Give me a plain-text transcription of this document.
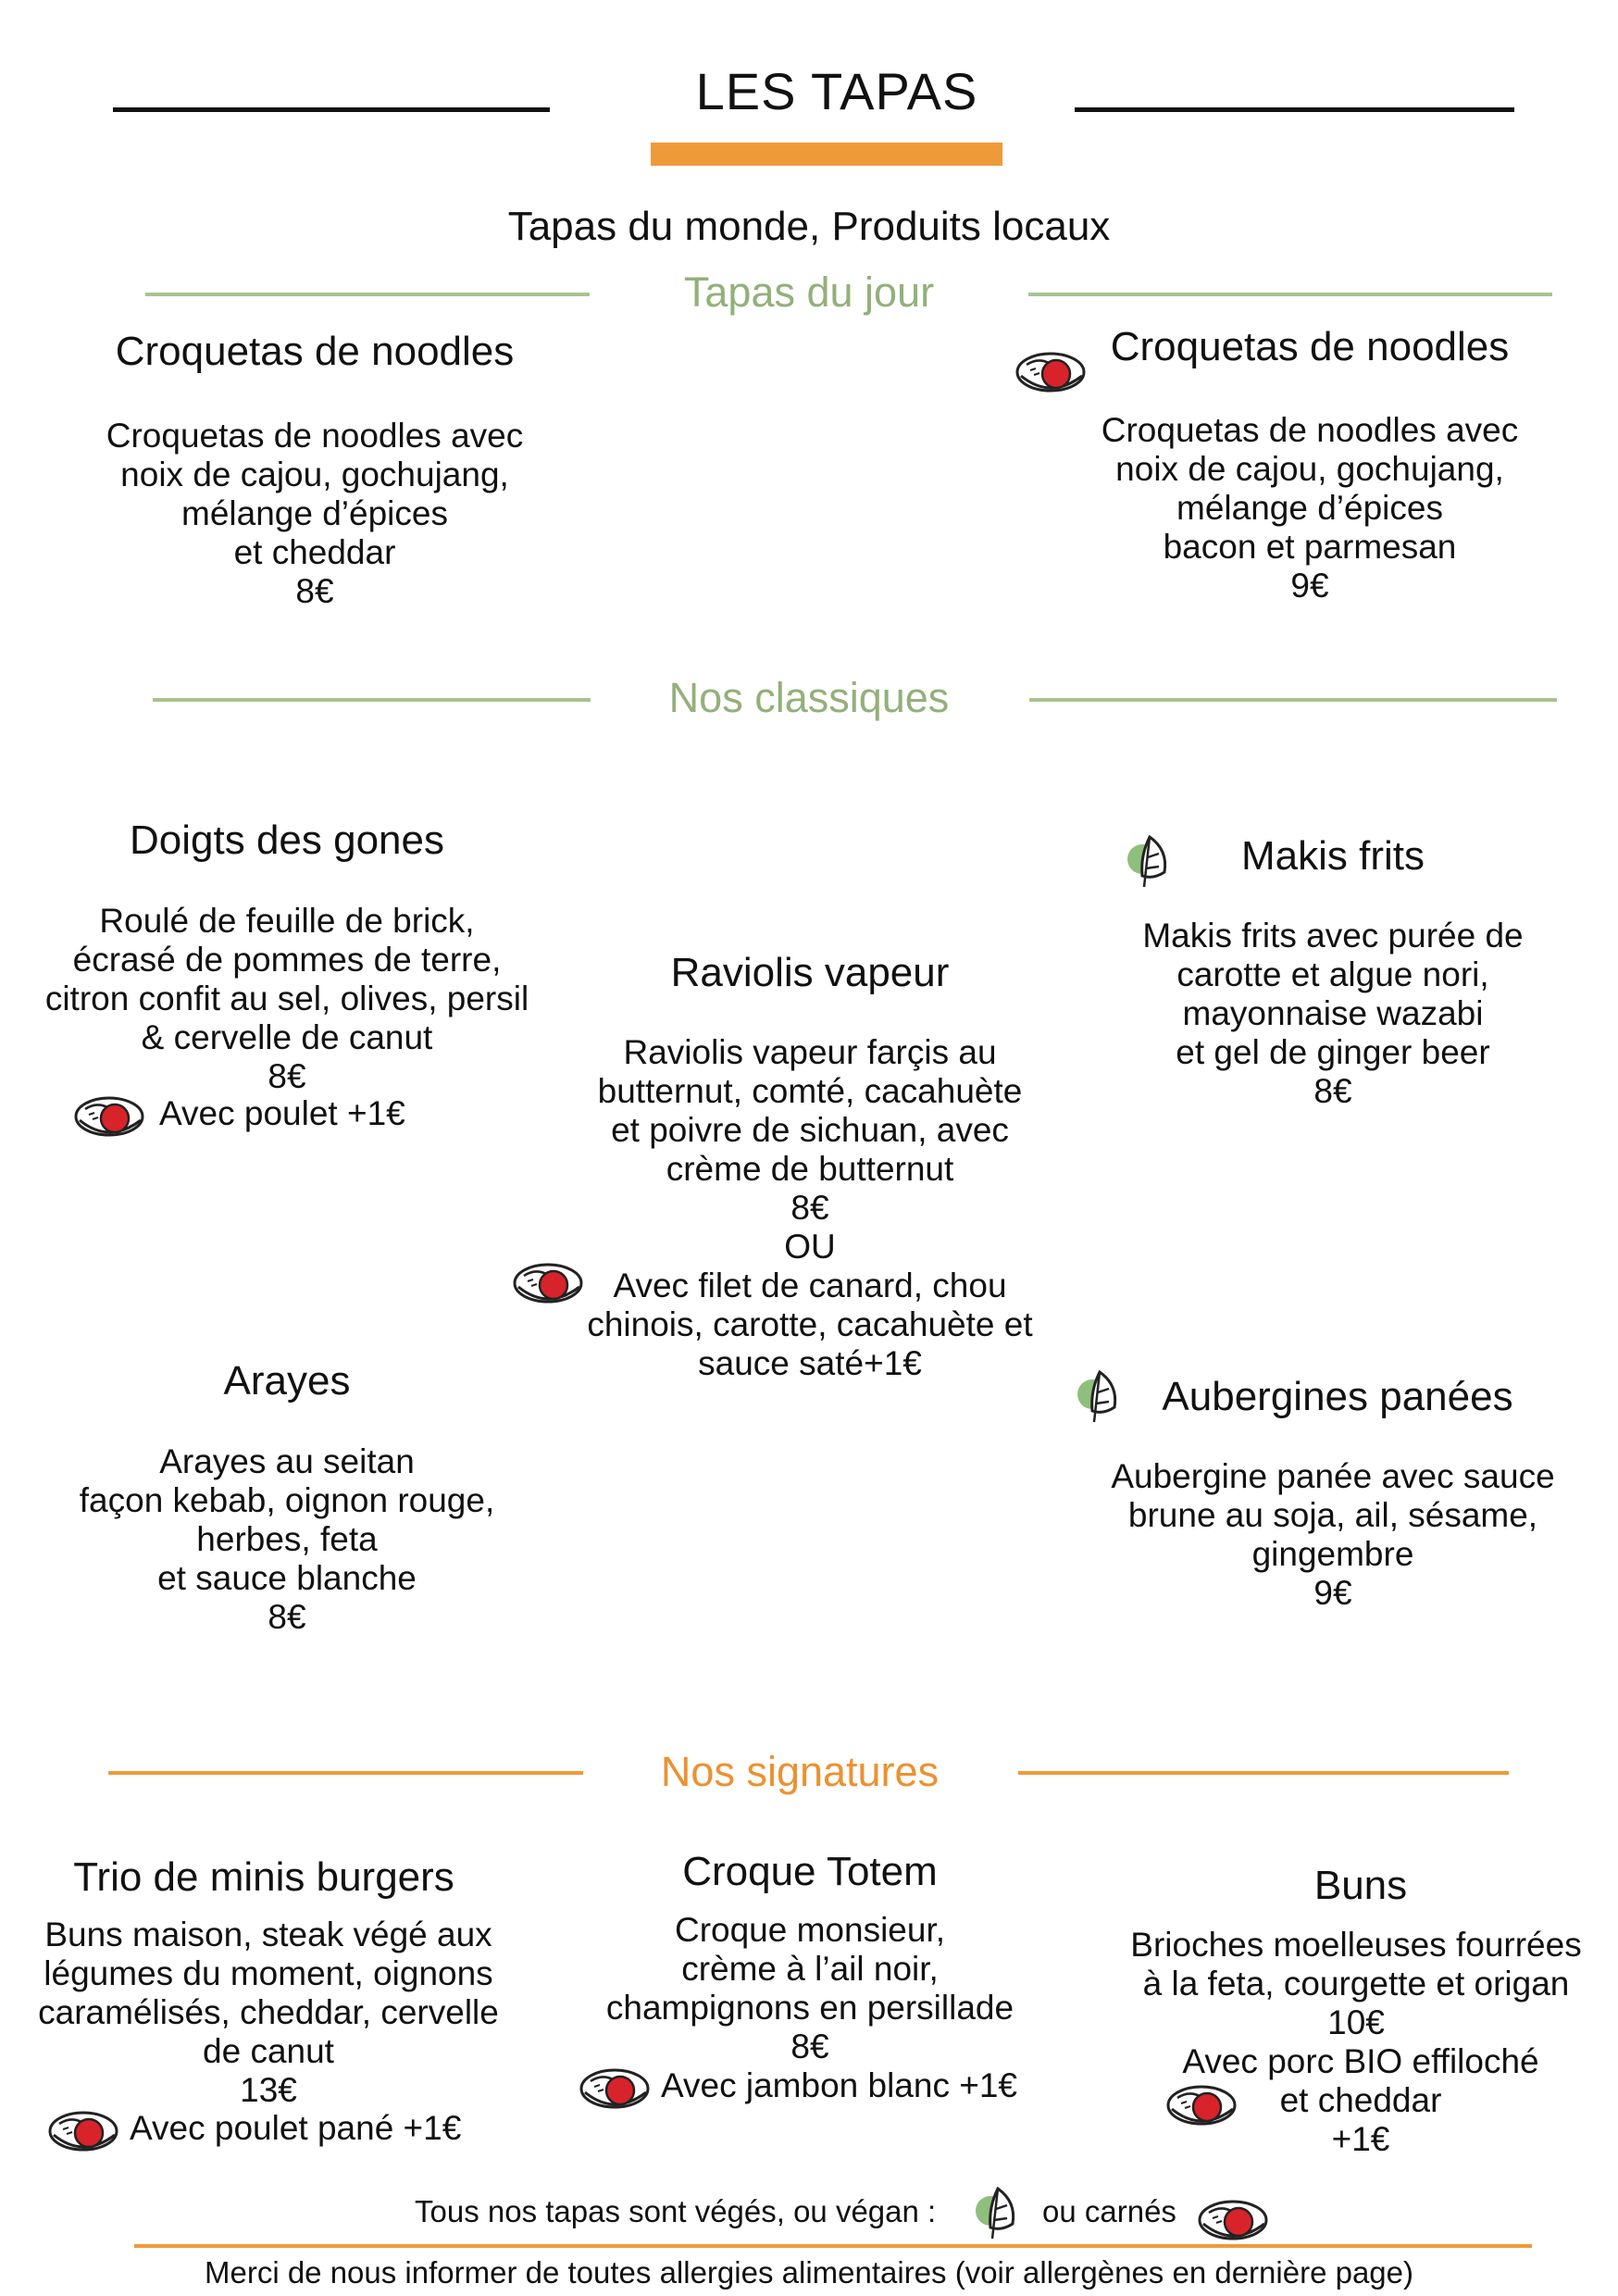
LES TAPAS
Tapas du monde, Produits locaux
Tapas du jour
Croquetas de noodles
Croquetas de noodles avec
noix de cajou, gochujang,
mélange d’épices
et cheddar
8€
Croquetas de noodles
Croquetas de noodles avec
noix de cajou, gochujang,
mélange d’épices
bacon et parmesan
9€
Nos classiques
Doigts des gones
Roulé de feuille de brick,
écrasé de pommes de terre,
citron confit au sel, olives, persil
& cervelle de canut
8€
Avec poulet +1€
Raviolis vapeur
Raviolis vapeur farçis au
butternut, comté, cacahuète
et poivre de sichuan, avec
crème de butternut
8€
OU
Avec filet de canard, chou
chinois, carotte, cacahuète et
sauce saté+1€
Makis frits
Makis frits avec purée de
carotte et algue nori,
mayonnaise wazabi
et gel de ginger beer
8€
Arayes
Arayes au seitan
façon kebab, oignon rouge,
herbes, feta
et sauce blanche
8€
Aubergines panées
Aubergine panée avec sauce
brune au soja, ail, sésame,
gingembre
9€
Nos signatures
Trio de minis burgers
Buns maison, steak végé aux
légumes du moment, oignons
caramélisés, cheddar, cervelle
de canut
13€
Avec poulet pané +1€
Croque Totem
Croque monsieur,
crème à l’ail noir,
champignons en persillade
8€
Avec jambon blanc +1€
Buns
Brioches moelleuses fourrées
à la feta, courgette et origan
10€
Avec porc BIO effiloché
et cheddar
+1€
Tous nos tapas sont végés, ou végan :	ou carnés
Merci de nous informer de toutes allergies alimentaires (voir allergènes en dernière page)
